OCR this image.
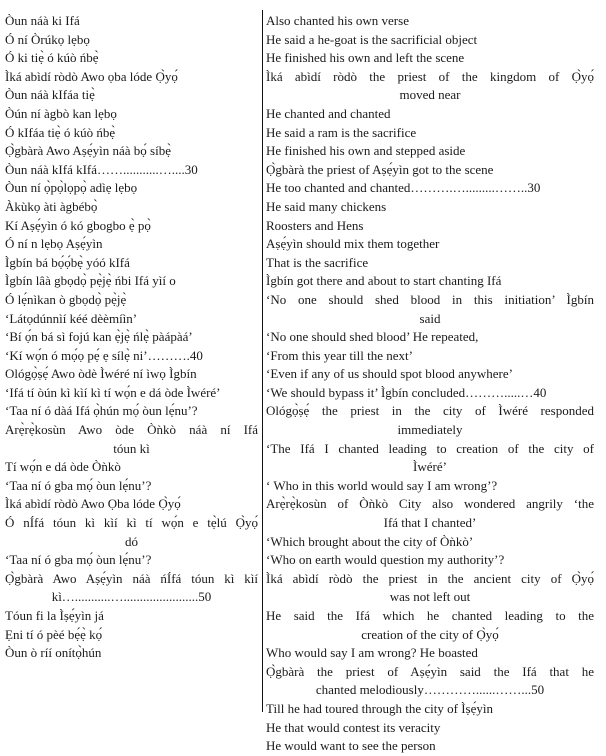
Òun náà ki Ifá
Ó ní Òrúkọ lẹbọ
Ó ki tiẹ̀ ó kúò ńbẹ̀
Ìká abìdí ròdò Awo ọba lóde Ọ̀yọ́
Òun náà kIfáa tiẹ̀
Òún ní àgbò kan lẹbọ
Ó kIfáa tiẹ̀ ó kúò ńbẹ̀
Ọ̀gbàrà Awo Aṣẹ́yìn náà bọ́ síbẹ̀
Òun náà kIfá kIfá……...........…....30
Òun ní ọ̀pọ̀lọpọ̀ adìẹ lẹbọ
Àkùkọ àti àgbébọ̀
Kí Aṣẹ́yìn ó kó gbogbo ẹ̀ pọ̀
Ó ní n lẹbọ Aṣẹ́yìn
Ìgbín bá bọ́ọ́bẹ̀ yóó kIfá
Ìgbín lâà gbọdọ̀ pẹ̀jẹ̀ ńbi Ifá yìí o
Ó lẹ́nìkan ò gbọdọ̀ pẹ̀jẹ̀
‘Látọdúnnìí kéé dèèmíìn’
‘Bí ọ́n bá sì fojú kan ẹ̀jẹ̀ ńlẹ̀ pàápàá’
‘Kí wọ́n ó mọ́ọ pẹ́ ẹ sílẹ̀ ni’……….40
Ológọ̀ṣẹ́ Awo òdè Ìwéré ní ìwọ Ìgbín
‘Ifá tí òún kì kìí kì tí wọ́n e dá òde Ìwéré’
‘Taa ní ó dàá Ifá ọ̀hún mọ́ òun lẹ́nu’?
Arẹ̀rẹ̀kosùn Awo òde Òǹkò náà ní Ifá
tóun kì
Tí wọ́n e dá òde Òǹkò
‘Taa ní ó gba mọ́ òun lẹ́nu’?
Ìká abìdí ròdò Awo Ọba lóde Ọ̀yọ́
Ó nÍfá tóun kì kìí kì tí wọ́n e tẹ̀lú Ọ̀yọ́
dó
‘Taa ní ó gba mọ́ òun lẹ́nu’?
Ọ̀gbàrà Awo Aṣẹ́yìn náà ńÍfá tóun kì kìí
kì…...........….......................50
Tóun fi la Ìṣẹ́yìn já
Ẹni tí ó pèé bẹ́ẹ̀ kọ́
Òun ò ríí onítọ̀hún
Also chanted his own verse
He said a he-goat is the sacrificial object
He finished his own and left the scene
Ìká abìdí ròdò the priest of the kingdom of Ọ̀yọ́
moved near
He chanted and chanted
He said a ram is the sacrifice
He finished his own and stepped aside
Ọ̀gbàrà the priest of Aṣẹ́yìn got to the scene
He too chanted and chanted……….….........……..30
He said many chickens
Roosters and Hens
Aṣẹ́yìn should mix them together
That is the sacrifice
Ìgbín got there and about to start chanting Ifá
‘No one should shed blood in this initiation’ Ìgbín
said
‘No one should shed blood’ He repeated,
‘From this year till the next’
‘Even if any of us should spot blood anywhere’
‘We should bypass it’ Ìgbín concluded……….....…40
Ológọ̀ṣẹ́ the priest in the city of Ìwéré responded
immediately
‘The Ifá I chanted leading to creation of the city of
Ìwéré’
‘ Who in this world would say I am wrong’?
Arẹ̀rẹ̀kosùn of Òǹkò City also wondered angrily ‘the
Ifá that I chanted’
‘Which brought about the city of Òǹkò’
‘Who on earth would question my authority’?
Ìká abìdí ròdò the priest in the ancient city of Ọ̀yọ́
was not left out
He said the Ifá which he chanted leading to the
creation of the city of Ọ̀yọ́
Who would say I am wrong? He boasted
Ọ̀gbàrà the priest of Aṣẹ́yìn said the Ifá that he
chanted melodiously…………......……...50
Till he had toured through the city of Ìṣẹ́yìn
He that would contest its veracity
He would want to see the person
